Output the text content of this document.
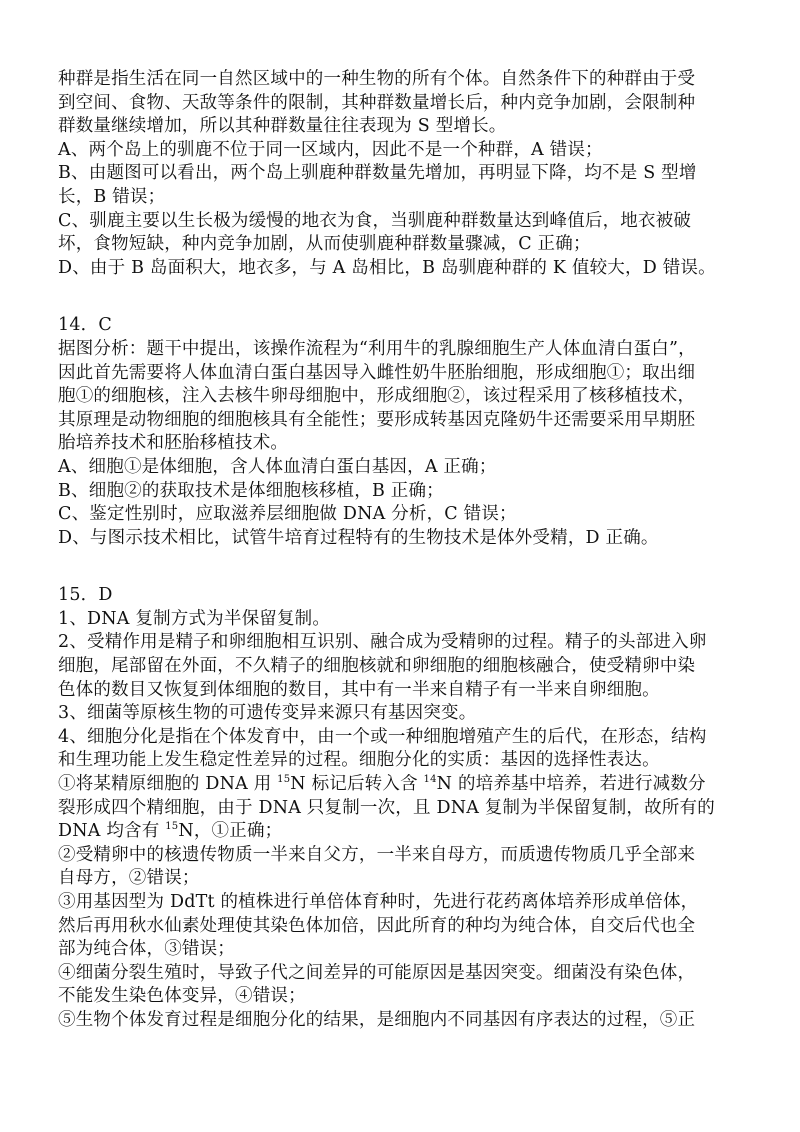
种群是指生活在同一自然区域中的一种生物的所有个体。自然条件下的种群由于受
到空间、食物、天敌等条件的限制，其种群数量增长后，种内竞争加剧，会限制种
群数量继续增加，所以其种群数量往往表现为 S 型增长。
A、两个岛上的驯鹿不位于同一区域内，因此不是一个种群，A 错误；
B、由题图可以看出，两个岛上驯鹿种群数量先增加，再明显下降，均不是 S 型增
长，B 错误；
C、驯鹿主要以生长极为缓慢的地衣为食，当驯鹿种群数量达到峰值后，地衣被破
坏，食物短缺，种内竞争加剧，从而使驯鹿种群数量骤减，C 正确；
D、由于 B 岛面积大，地衣多，与 A 岛相比，B 岛驯鹿种群的 K 值较大，D 错误。
14．C
据图分析：题干中提出，该操作流程为“利用牛的乳腺细胞生产人体血清白蛋白”，
因此首先需要将人体血清白蛋白基因导入雌性奶牛胚胎细胞，形成细胞①；取出细
胞①的细胞核，注入去核牛卵母细胞中，形成细胞②，该过程采用了核移植技术，
其原理是动物细胞的细胞核具有全能性；要形成转基因克隆奶牛还需要采用早期胚
胎培养技术和胚胎移植技术。
A、细胞①是体细胞，含人体血清白蛋白基因，A 正确；
B、细胞②的获取技术是体细胞核移植，B 正确；
C、鉴定性别时，应取滋养层细胞做 DNA 分析，C 错误；
D、与图示技术相比，试管牛培育过程特有的生物技术是体外受精，D 正确。
15．D
1、DNA 复制方式为半保留复制。
2、受精作用是精子和卵细胞相互识别、融合成为受精卵的过程。精子的头部进入卵
细胞，尾部留在外面，不久精子的细胞核就和卵细胞的细胞核融合，使受精卵中染
色体的数目又恢复到体细胞的数目，其中有一半来自精子有一半来自卵细胞。
3、细菌等原核生物的可遗传变异来源只有基因突变。
4、细胞分化是指在个体发育中，由一个或一种细胞增殖产生的后代，在形态，结构
和生理功能上发生稳定性差异的过程。细胞分化的实质：基因的选择性表达。
①将某精原细胞的 DNA 用 $^{15}$N 标记后转入含 $^{14}$N 的培养基中培养，若进行减数分
裂形成四个精细胞，由于 DNA 只复制一次，且 DNA 复制为半保留复制，故所有的
DNA 均含有 $^{15}$N，①正确；
②受精卵中的核遗传物质一半来自父方，一半来自母方，而质遗传物质几乎全部来
自母方，②错误；
③用基因型为 DdTt 的植株进行单倍体育种时，先进行花药离体培养形成单倍体，
然后再用秋水仙素处理使其染色体加倍，因此所育的种均为纯合体，自交后代也全
部为纯合体，③错误；
④细菌分裂生殖时，导致子代之间差异的可能原因是基因突变。细菌没有染色体，
不能发生染色体变异，④错误；
⑤生物个体发育过程是细胞分化的结果，是细胞内不同基因有序表达的过程，⑤正
